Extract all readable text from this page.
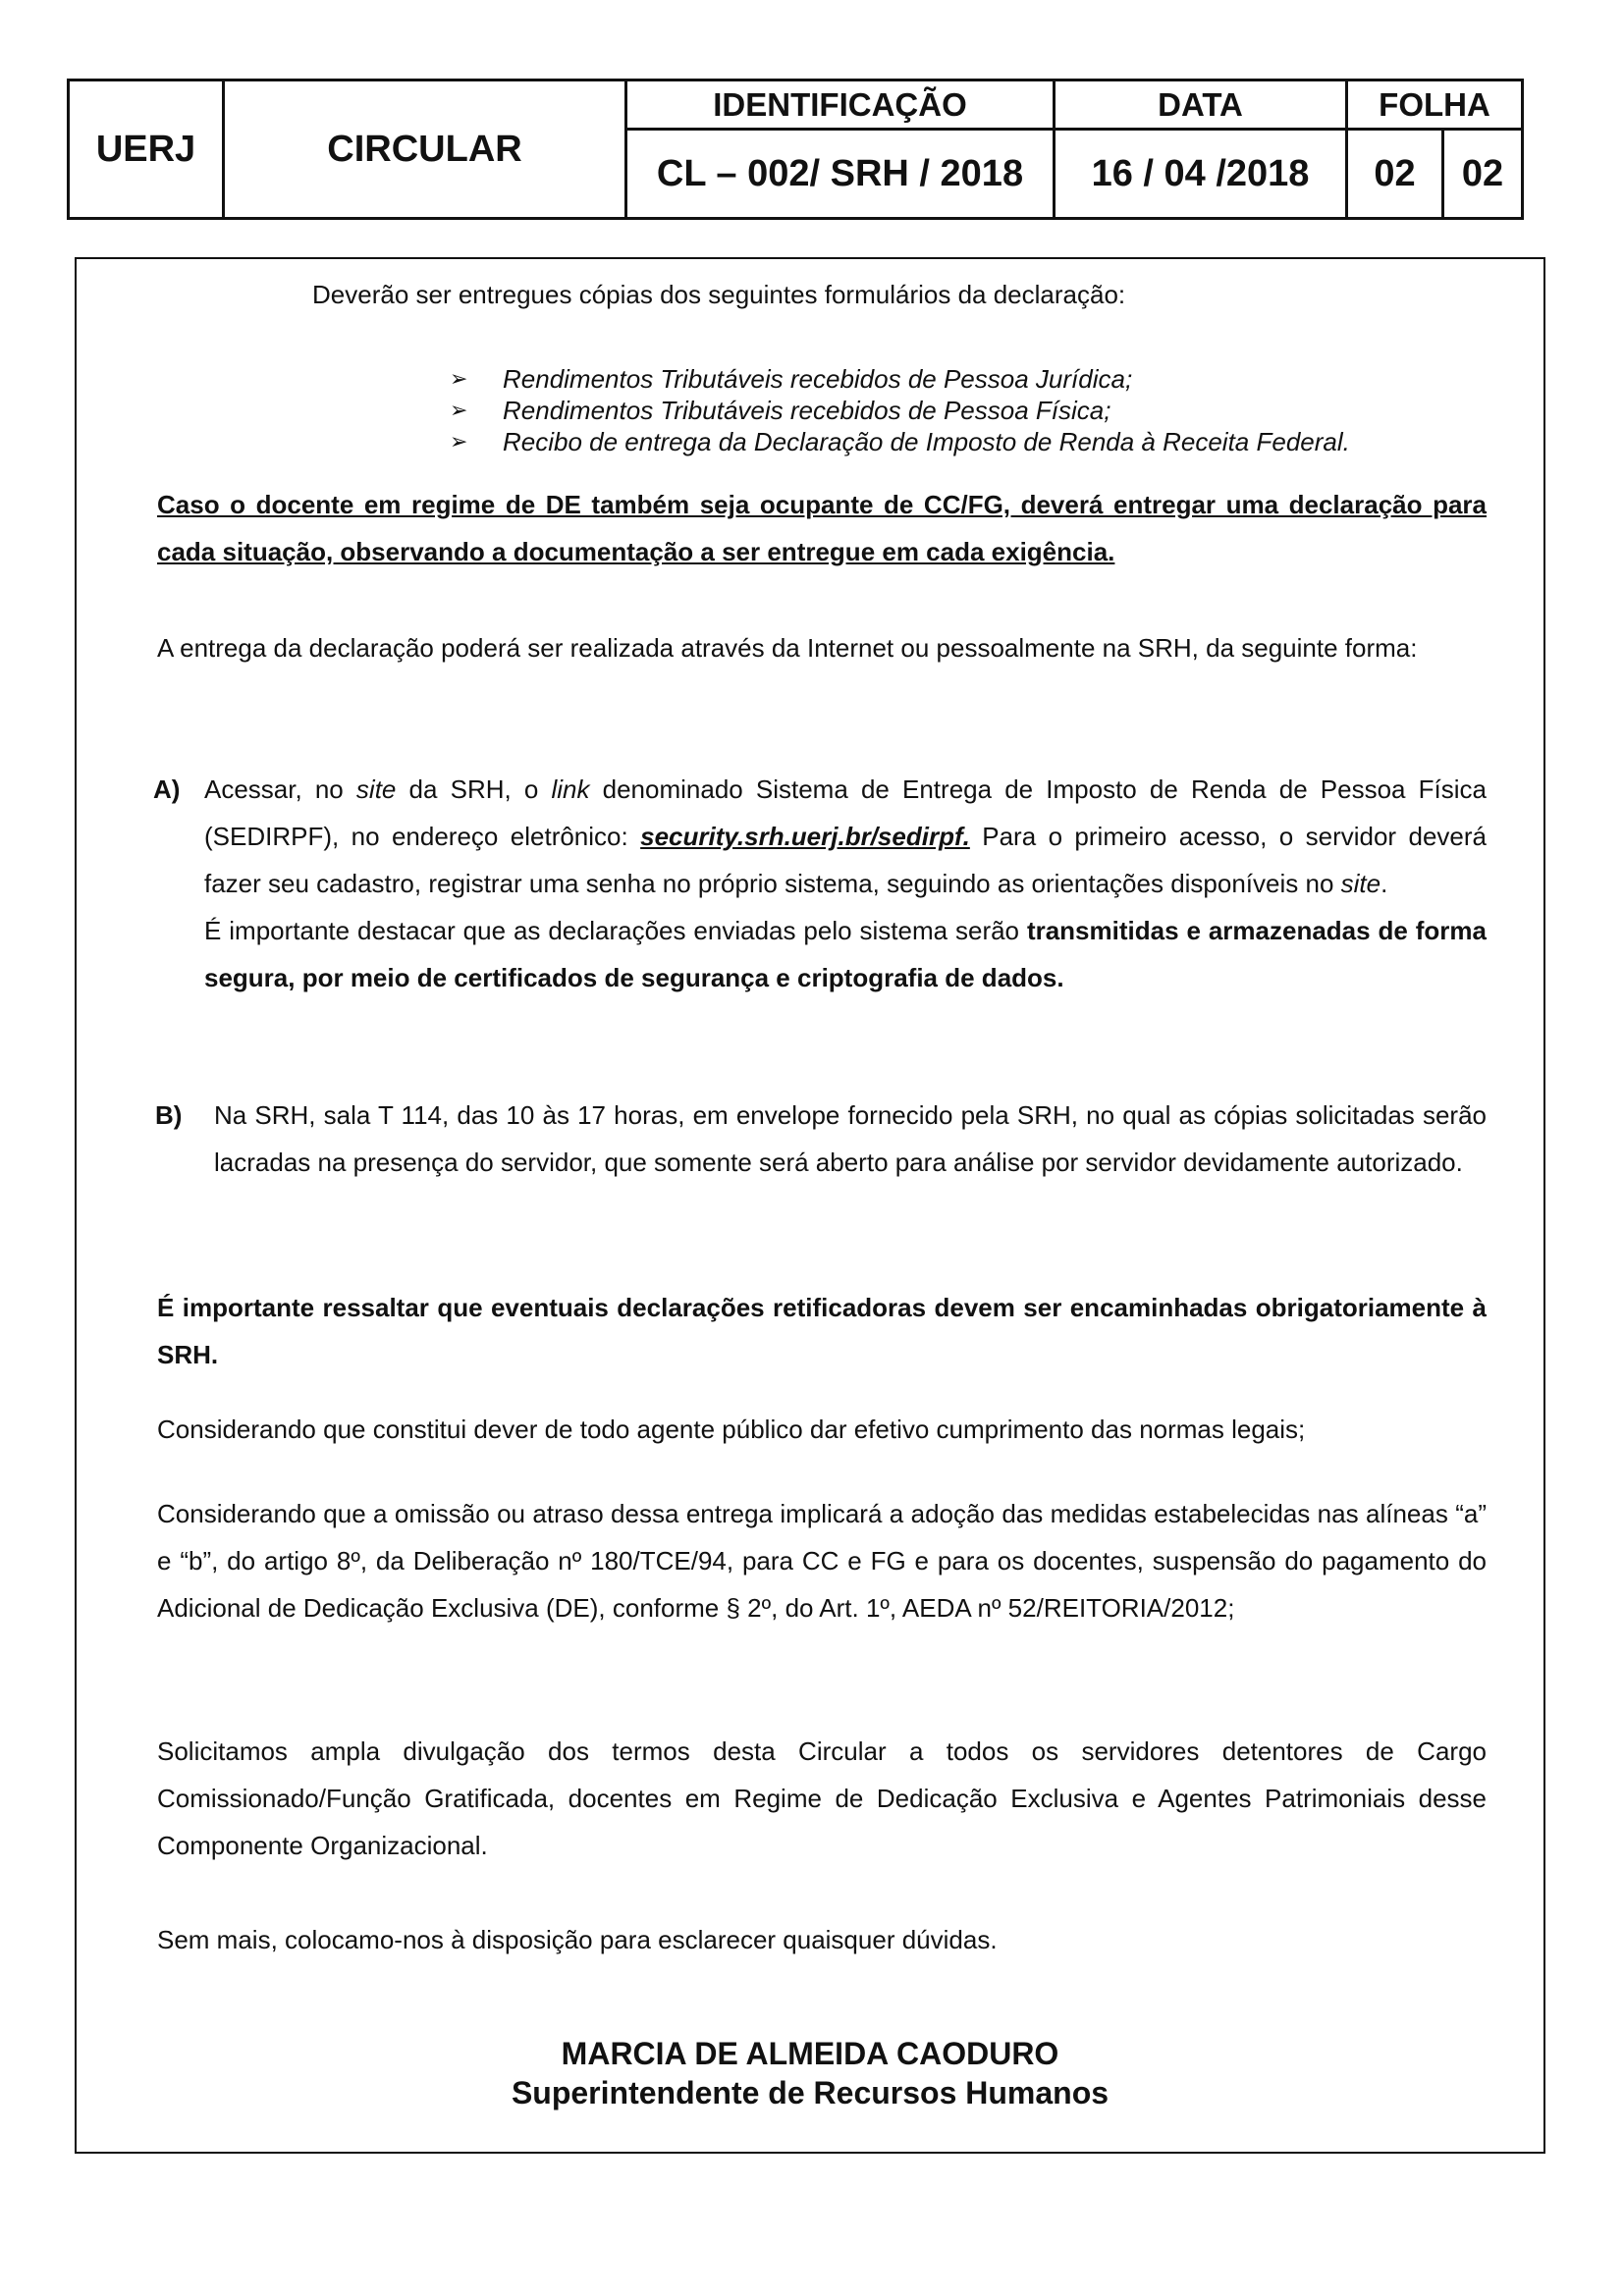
UERJ	CIRCULAR
IDENTIFICAÇÃO	DATA	FOLHA
CL – 002/ SRH / 2018	16 / 04 /2018	02	02

Deverão ser entregues cópias dos seguintes formulários da declaração:

➢ Rendimentos Tributáveis recebidos de Pessoa Jurídica;
➢ Rendimentos Tributáveis recebidos de Pessoa Física;
➢ Recibo de entrega da Declaração de Imposto de Renda à Receita Federal.

Caso o docente em regime de DE também seja ocupante de CC/FG, deverá entregar uma declaração para cada situação, observando a documentação a ser entregue em cada exigência.

A entrega da declaração poderá ser realizada através da Internet ou pessoalmente na SRH, da seguinte forma:

A) Acessar, no site da SRH, o link denominado Sistema de Entrega de Imposto de Renda de Pessoa Física (SEDIRPF), no endereço eletrônico: security.srh.uerj.br/sedirpf. Para o primeiro acesso, o servidor deverá fazer seu cadastro, registrar uma senha no próprio sistema, seguindo as orientações disponíveis no site.
É importante destacar que as declarações enviadas pelo sistema serão transmitidas e armazenadas de forma segura, por meio de certificados de segurança e criptografia de dados.
B) Na SRH, sala T 114, das 10 às 17 horas, em envelope fornecido pela SRH, no qual as cópias solicitadas serão lacradas na presença do servidor, que somente será aberto para análise por servidor devidamente autorizado.

É importante ressaltar que eventuais declarações retificadoras devem ser encaminhadas obrigatoriamente à SRH.

Considerando que constitui dever de todo agente público dar efetivo cumprimento das normas legais;

Considerando que a omissão ou atraso dessa entrega implicará a adoção das medidas estabelecidas nas alíneas “a” e “b”, do artigo 8º, da Deliberação nº 180/TCE/94, para CC e FG e para os docentes, suspensão do pagamento do Adicional de Dedicação Exclusiva (DE), conforme § 2º, do Art. 1º, AEDA nº 52/REITORIA/2012;

Solicitamos ampla divulgação dos termos desta Circular a todos os servidores detentores de Cargo Comissionado/Função Gratificada, docentes em Regime de Dedicação Exclusiva e Agentes Patrimoniais desse Componente Organizacional.

Sem mais, colocamo-nos à disposição para esclarecer quaisquer dúvidas.

MARCIA DE ALMEIDA CAODURO
Superintendente de Recursos Humanos
